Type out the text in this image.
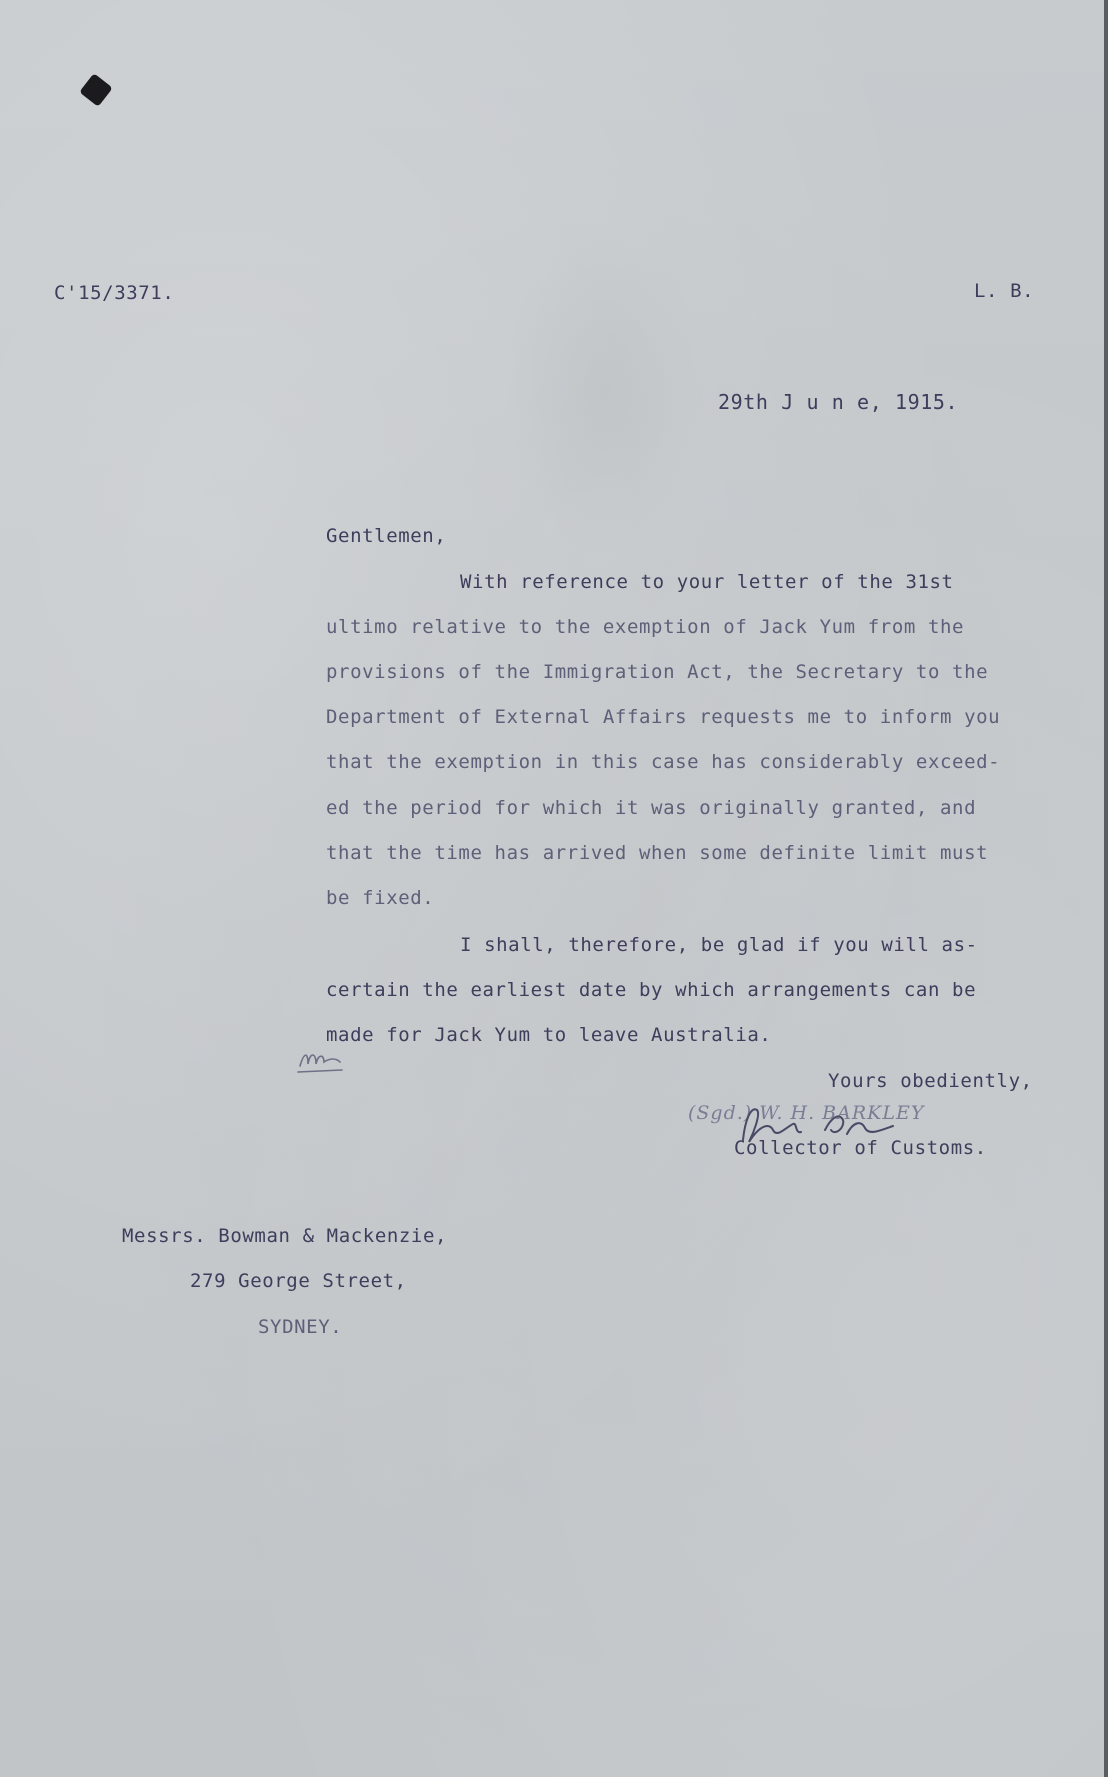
C'15/3371.	L. B.

29th J u n e, 1915.

Gentlemen,

With reference to your letter of the 31st

ultimo relative to the exemption of Jack Yum from the

provisions of the Immigration Act, the Secretary to the

Department of External Affairs requests me to inform you

that the exemption in this case has considerably exceed-

ed the period for which it was originally granted, and

that the time has arrived when some definite limit must

be fixed.

I shall, therefore, be glad if you will as-

certain the earliest date by which arrangements can be

made for Jack Yum to leave Australia.

Yours obediently,

(Sgd.) W. H. BARKLEY

Collector of Customs.

Messrs. Bowman & Mackenzie,

279 George Street,

SYDNEY.
